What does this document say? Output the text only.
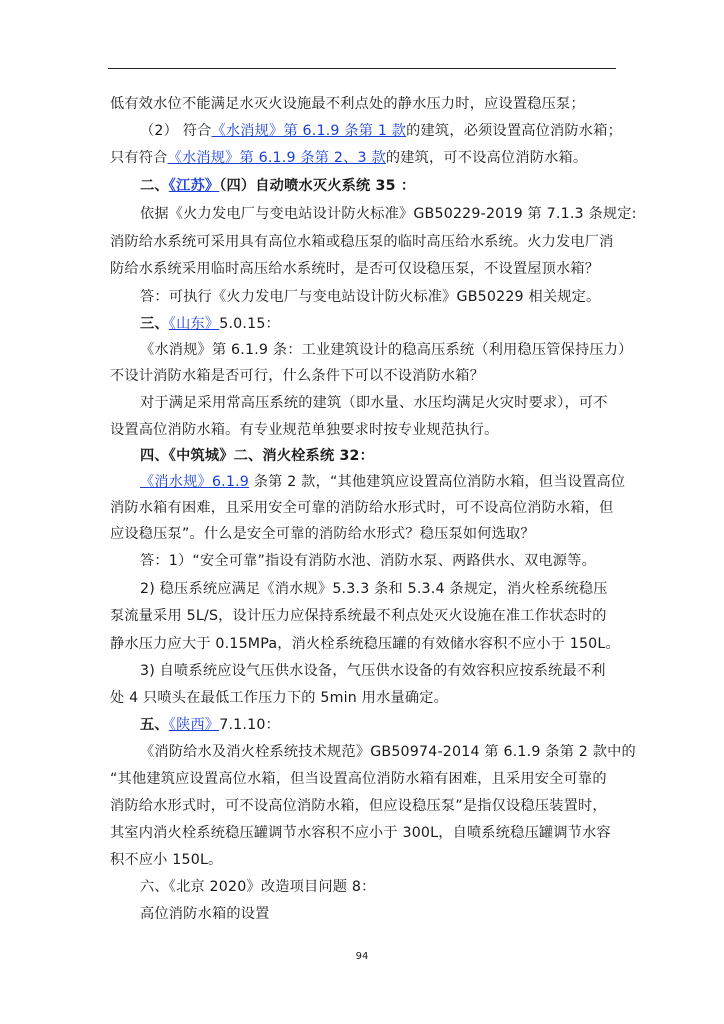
低有效水位不能满足水灭火设施最不利点处的静水压力时，应设置稳压泵；
（2） 符合《水消规》第 6.1.9 条第 1 款的建筑，必须设置高位消防水箱；
只有符合《水消规》第 6.1.9 条第 2、3 款的建筑，可不设高位消防水箱。
二、《江苏》（四）自动喷水灭火系统 35 ：
依据《火力发电厂与变电站设计防火标准》GB50229-2019 第 7.1.3 条规定:
消防给水系统可采用具有高位水箱或稳压泵的临时高压给水系统。火力发电厂消
防给水系统采用临时高压给水系统时，是否可仅设稳压泵，不设置屋顶水箱？
答：可执行《火力发电厂与变电站设计防火标准》GB50229 相关规定。
三、《山东》5.0.15：
《水消规》第 6.1.9 条：工业建筑设计的稳高压系统（利用稳压管保持压力）
不设计消防水箱是否可行，什么条件下可以不设消防水箱？
对于满足采用常高压系统的建筑（即水量、水压均满足火灾时要求），可不
设置高位消防水箱。有专业规范单独要求时按专业规范执行。
四、《中筑城》二、消火栓系统 32：
《消水规》6.1.9 条第 2 款，“其他建筑应设置高位消防水箱，但当设置高位
消防水箱有困难，且采用安全可靠的消防给水形式时，可不设高位消防水箱，但
应设稳压泵”。什么是安全可靠的消防给水形式？稳压泵如何选取？
答：1）“安全可靠”指设有消防水池、消防水泵、两路供水、双电源等。
2) 稳压系统应满足《消水规》5.3.3 条和 5.3.4 条规定，消火栓系统稳压
泵流量采用 5L/S，设计压力应保持系统最不利点处灭火设施在准工作状态时的
静水压力应大于 0.15MPa，消火栓系统稳压罐的有效储水容积不应小于 150L。
3) 自喷系统应设气压供水设备，气压供水设备的有效容积应按系统最不利
处 4 只喷头在最低工作压力下的 5min 用水量确定。
五、《陕西》7.1.10：
《消防给水及消火栓系统技术规范》GB50974-2014 第 6.1.9 条第 2 款中的
“其他建筑应设置高位水箱，但当设置高位消防水箱有困难，且采用安全可靠的
消防给水形式时，可不设高位消防水箱，但应设稳压泵”是指仅设稳压装置时，
其室内消火栓系统稳压罐调节水容积不应小于 300L，自喷系统稳压罐调节水容
积不应小 150L。
六、《北京 2020》改造项目问题 8：
高位消防水箱的设置
94
